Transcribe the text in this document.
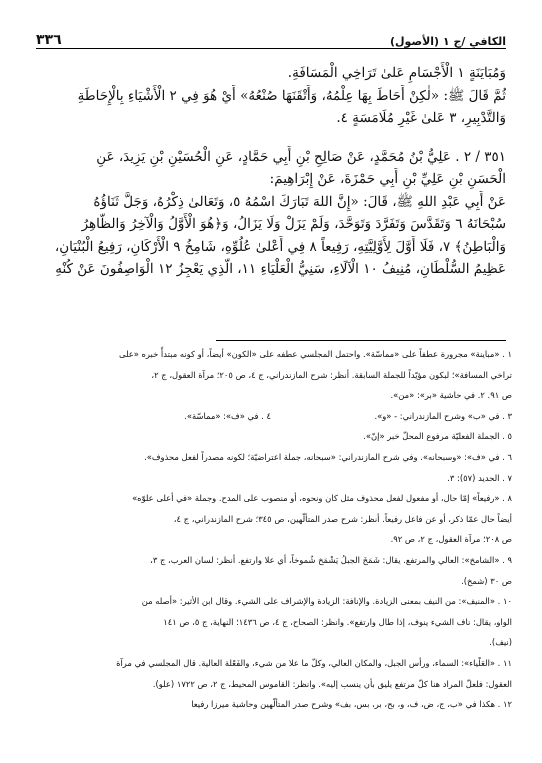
الكافي /ج ١ (الأصول)
٣٣٦
وَمُبَايَنَةٍ ١ الْأَجْسَامِ عَلىٰ تَرَاخِي الْمَسَافَةِ.
ثُمَّ قَالَ ﷺ: «لٰكِنْ أَحَاطَ بِهَا عِلْمُهُ، وَأَتْقَنَهَا صُنْعُهُ» أَيْ هُوَ فِي ٢ الْأَشْيَاءِ بِالْإِحَاطَةِ
وَالتَّدْبِيرِ، ٣ عَلىٰ غَيْرِ مُلَامَسَةٍ ٤.
٣٥١ / ٢ . عَلِيُّ بْنُ مُحَمَّدٍ، عَنْ صَالِحِ بْنِ أَبِي حَمَّادٍ، عَنِ الْحُسَيْنِ بْنِ يَزِيدَ، عَنِ
الْحَسَنِ بْنِ عَلِيِّ بْنِ أَبِي حَمْزَةَ، عَنْ إِبْرَاهِيمَ:
عَنْ أَبِي عَبْدِ اللهِ ﷺ، قَالَ: «إِنَّ اللهَ تَبَارَكَ اسْمُهُ ٥، وَتَعَالىٰ ذِكْرُهُ، وَجَلَّ ثَنَاؤُهُ
سُبْحَانَهُ ٦ وَتَقَدَّسَ وَتَفَرَّدَ وَتَوَحَّدَ، وَلَمْ يَزَلْ وَلَا يَزَالُ، وَ﴿هُوَ الْأَوَّلُ وَالْآخِرُ وَالظَّاهِرُ
وَالْبَاطِنُ﴾ ٧، فَلَا أَوَّلَ لِأَوَّلِيَّتِهِ، رَفِيعاً ٨ فِي أَعْلىٰ عُلُوِّهِ، شَامِخُ ٩ الْأَرْكَانِ، رَفِيعُ الْبُنْيَانِ،
عَظِيمُ السُّلْطَانِ، مُنِيفُ ١٠ الْآلَاءِ، سَنِيُّ الْعَلْيَاءِ ١١، الَّذِي يَعْجِزُ ١٢ الْوَاصِفُونَ عَنْ كُنْهِ
١ . «مباينة» مجرورة عطفاً على «مماسّة». واحتمل المجلسي عطفه على «الكون» أيضاً، أو كونه مبتدأً خبره «على
تراخي المسافة»؛ لبكون مؤيّداً للجملة السابقة. أنظر: شرح المازندراني، ج ٤، ص ٢٠٥؛ مرآة العقول، ج ٢،
ص ٩١. ٢. في حاشية «بر»: «من».
٣ . في «ب» وشرح المازندراني: - «و».
٤ . في «ف»: «مماسّة».
٥ . الجملة الفعليّة مرفوع المحلّ خبر «إنّ».
٦ . في «ف»: «وسبحانه». وفي شرح المازندراني: «سبحانه، جملة اعتراضيّة؛ لكونه مصدراً لفعل محذوف».
٧ . الحديد (٥٧): ٣.
٨ . «رفيعاً» إمّا حال، أو مفعول لفعل محذوف مثل كان ونحوه، أو منصوب على المدح. وجملة «في أعلى علوّه»
أيضاً حال عمّا ذكر، أو عن فاعل رفيعاً. أنظر: شرح صدر المتألّهين، ص ٣٤٥؛ شرح المازندراني، ج ٤،
ص ٢٠٨؛ مرآة العقول، ج ٢، ص ٩٢.
٩ . «الشامخ»: العالي والمرتفع. يقال: شَمَخَ الجبلُ يَشْمَخ شُموخاً، أي علا وارتفع. أنظر: لسان العرب، ج ٣،
ص ٣٠ (شمخ).
١٠ . «المنيف»: من النيف بمعنى الزيادة. والإنافة: الزيادة والإشراف على الشيء. وقال ابن الأثير: «أصله من
الواو، يقال: ناف الشيء ينوف، إذا طال وارتفع». وانظر: الصحاح، ج ٤، ص ١٤٣٦؛ النهاية، ج ٥، ص ١٤١
(نيف).
١١ . «العَلْياء»: السماء، ورأس الجبل، والمكان العالي، وكلّ ما علا من شيء، والفَعْلة العالية. قال المجلسي في مرآة
العقول: فلعلّ المراد هنا كلّ مرتفع يليق بأن ينسب إليه». وانظر: القاموس المحيط، ج ٢، ص ١٧٢٢ (علو).
١٢ . هكذا في «ب، ج، ض، ف، و، بح، بر، بس، بف» وشرح صدر المتألّهين وحاشية ميرزا رفيعا
